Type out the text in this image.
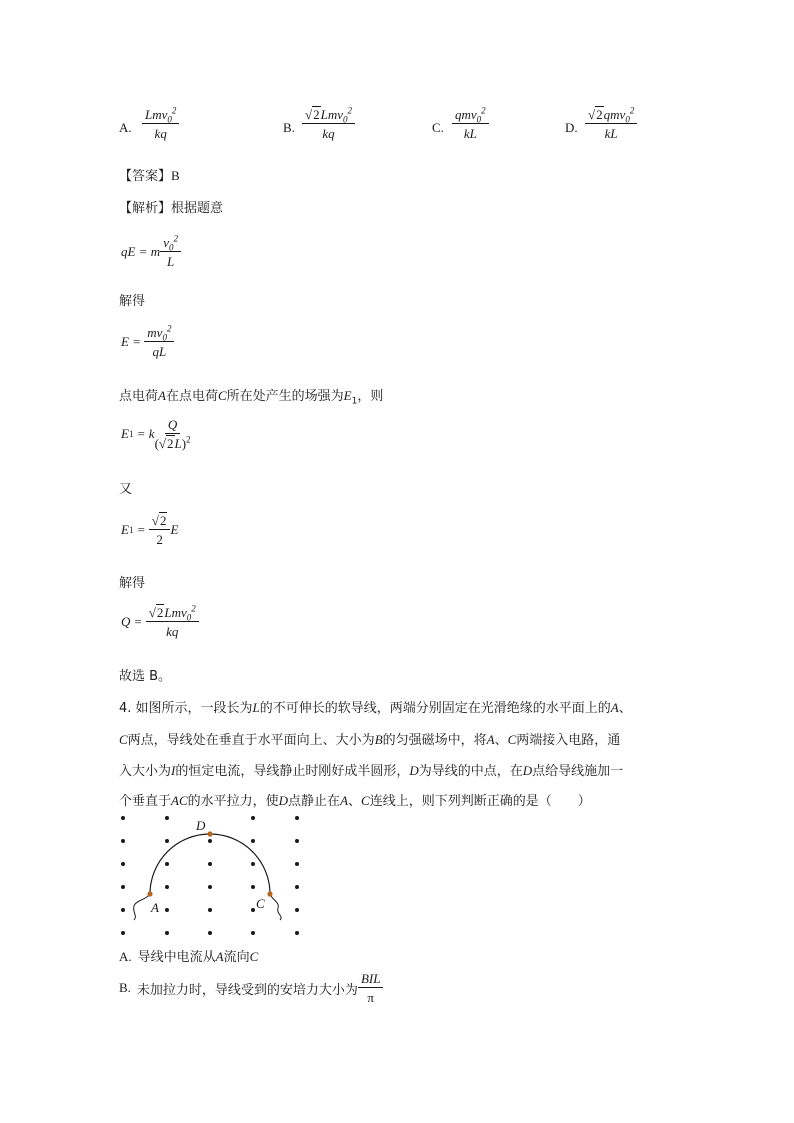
A. $\frac{Lmv_0^2}{kq}$	B. $\frac{√2Lmv_0^2}{kq}$	C. $\frac{qmv_0^2}{kL}$	D. $\frac{√2qmv_0^2}{kL}$
【答案】B
【解析】根据题意
qE = m $\frac{v_0^2}{L}$
解得
$E = \frac{mv_0^2}{qL}$
点电荷A在点电荷C所在处产生的场强为$E_1$，则
E 1 = k $\frac{Q}{(√2L)^2}$
又
E $1 = \frac{√2}{2}$ E
解得
$Q = \frac{√2Lmv_0^2}{kq}$
故选 B。
4. 如图所示，一段长为L的不可伸长的软导线，两端分别固定在光滑绝缘的水平面上的A、
C两点，导线处在垂直于水平面向上、大小为B的匀强磁场中，将A、C两端接入电路，通
入大小为I的恒定电流，导线静止时刚好成半圆形，D为导线的中点，在D点给导线施加一
个垂直于AC的水平拉力，使D点静止在A、C连线上，则下列判断正确的是（　　）
D
A	C
A. 导线中电流从A流向C
B. 未加拉力时，导线受到的安培力大小为 $\frac{\text{BIL}}{\pi}$
